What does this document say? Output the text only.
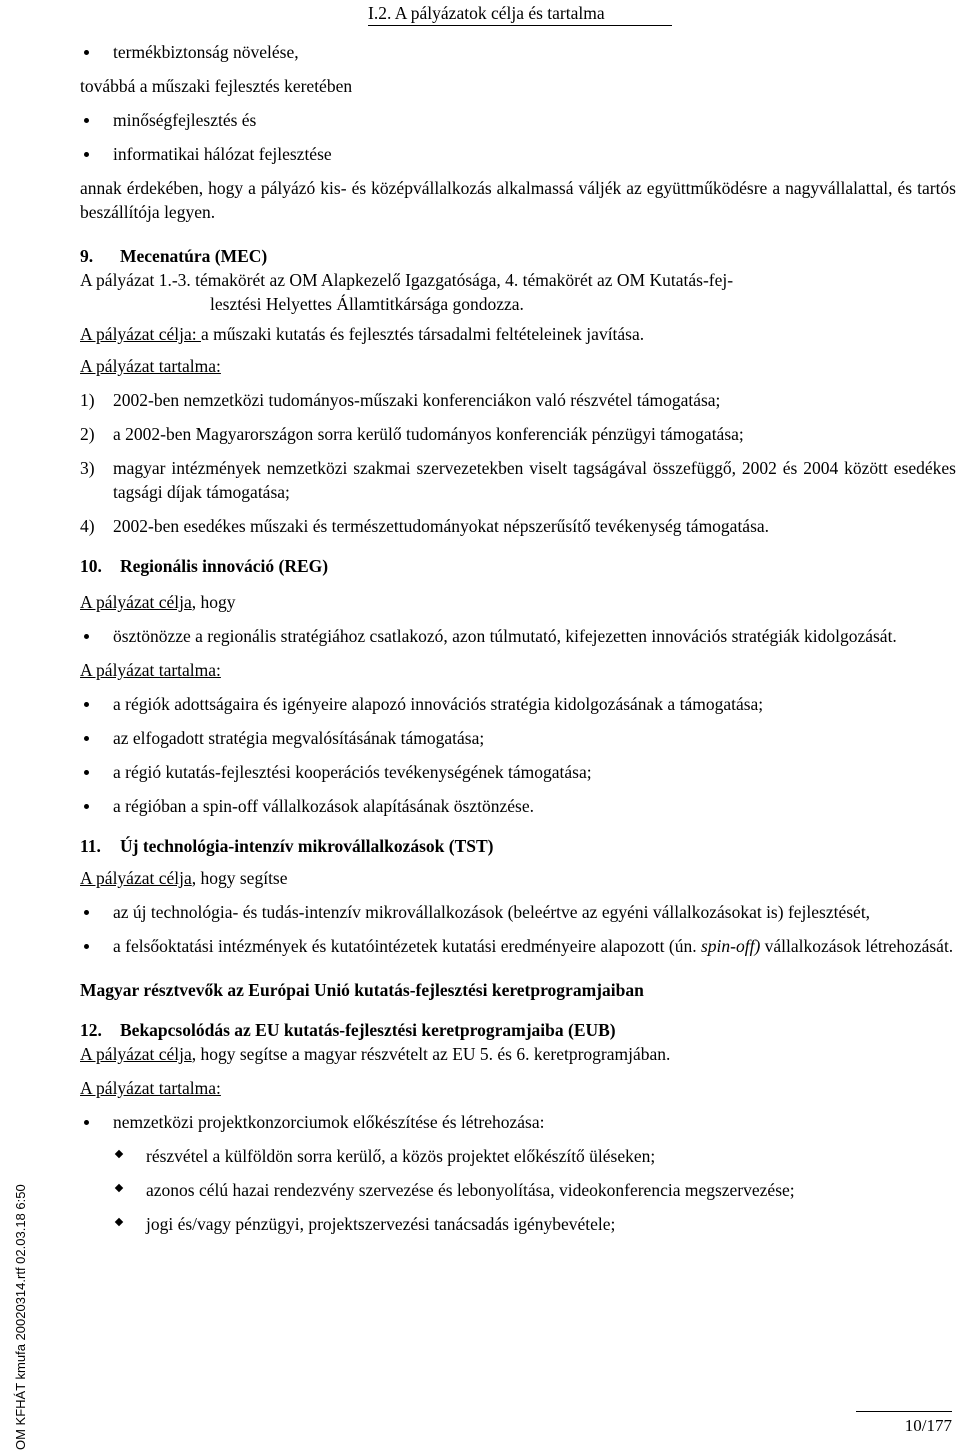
I.2. A pályázatok célja és tartalma
OM KFHÁT kmufa 20020314.rtf 02.03.18 6:50

termékbiztonság növelése,

továbbá a műszaki fejlesztés keretében

minőségfejlesztés és

informatikai hálózat fejlesztése

annak érdekében, hogy a pályázó kis- és középvállalkozás alkalmassá váljék az együttműködésre a nagyvállalattal, és tartós beszállítója legyen.

9. Mecenatúra (MEC)

A pályázat 1.-3. témakörét az OM Alapkezelő Igazgatósága, 4. témakörét az OM Kutatás-fej-

lesztési Helyettes Államtitkársága gondozza.

A pályázat célja: a műszaki kutatás és fejlesztés társadalmi feltételeinek javítása.

A pályázat tartalma:

1) 2002-ben nemzetközi tudományos-műszaki konferenciákon való részvétel támogatása;

2) a 2002-ben Magyarországon sorra kerülő tudományos konferenciák pénzügyi támogatása;

3) magyar intézmények nemzetközi szakmai szervezetekben viselt tagságával összefüggő, 2002 és 2004 között esedékes tagsági díjak támogatása;

4) 2002-ben esedékes műszaki és természettudományokat népszerűsítő tevékenység támogatása.

10. Regionális innováció (REG)

A pályázat célja, hogy

ösztönözze a regionális stratégiához csatlakozó, azon túlmutató, kifejezetten innovációs stratégiák kidolgozását.

A pályázat tartalma:

a régiók adottságaira és igényeire alapozó innovációs stratégia kidolgozásának a támogatása;

az elfogadott stratégia megvalósításának támogatása;

a régió kutatás-fejlesztési kooperációs tevékenységének támogatása;

a régióban a spin-off vállalkozások alapításának ösztönzése.

11. Új technológia-intenzív mikrovállalkozások (TST)

A pályázat célja, hogy segítse

az új technológia- és tudás-intenzív mikrovállalkozások (beleértve az egyéni vállalkozásokat is) fejlesztését,

a felsőoktatási intézmények és kutatóintézetek kutatási eredményeire alapozott (ún. spin-off) vállalkozások létrehozását.

Magyar résztvevők az Európai Unió kutatás-fejlesztési keretprogramjaiban

12. Bekapcsolódás az EU kutatás-fejlesztési keretprogramjaiba (EUB)

A pályázat célja, hogy segítse a magyar részvételt az EU 5. és 6. keretprogramjában.

A pályázat tartalma:

nemzetközi projektkonzorciumok előkészítése és létrehozása:

részvétel a külföldön sorra kerülő, a közös projektet előkészítő üléseken;

azonos célú hazai rendezvény szervezése és lebonyolítása, videokonferencia megszervezése;

jogi és/vagy pénzügyi, projektszervezési tanácsadás igénybevétele;

10/177
